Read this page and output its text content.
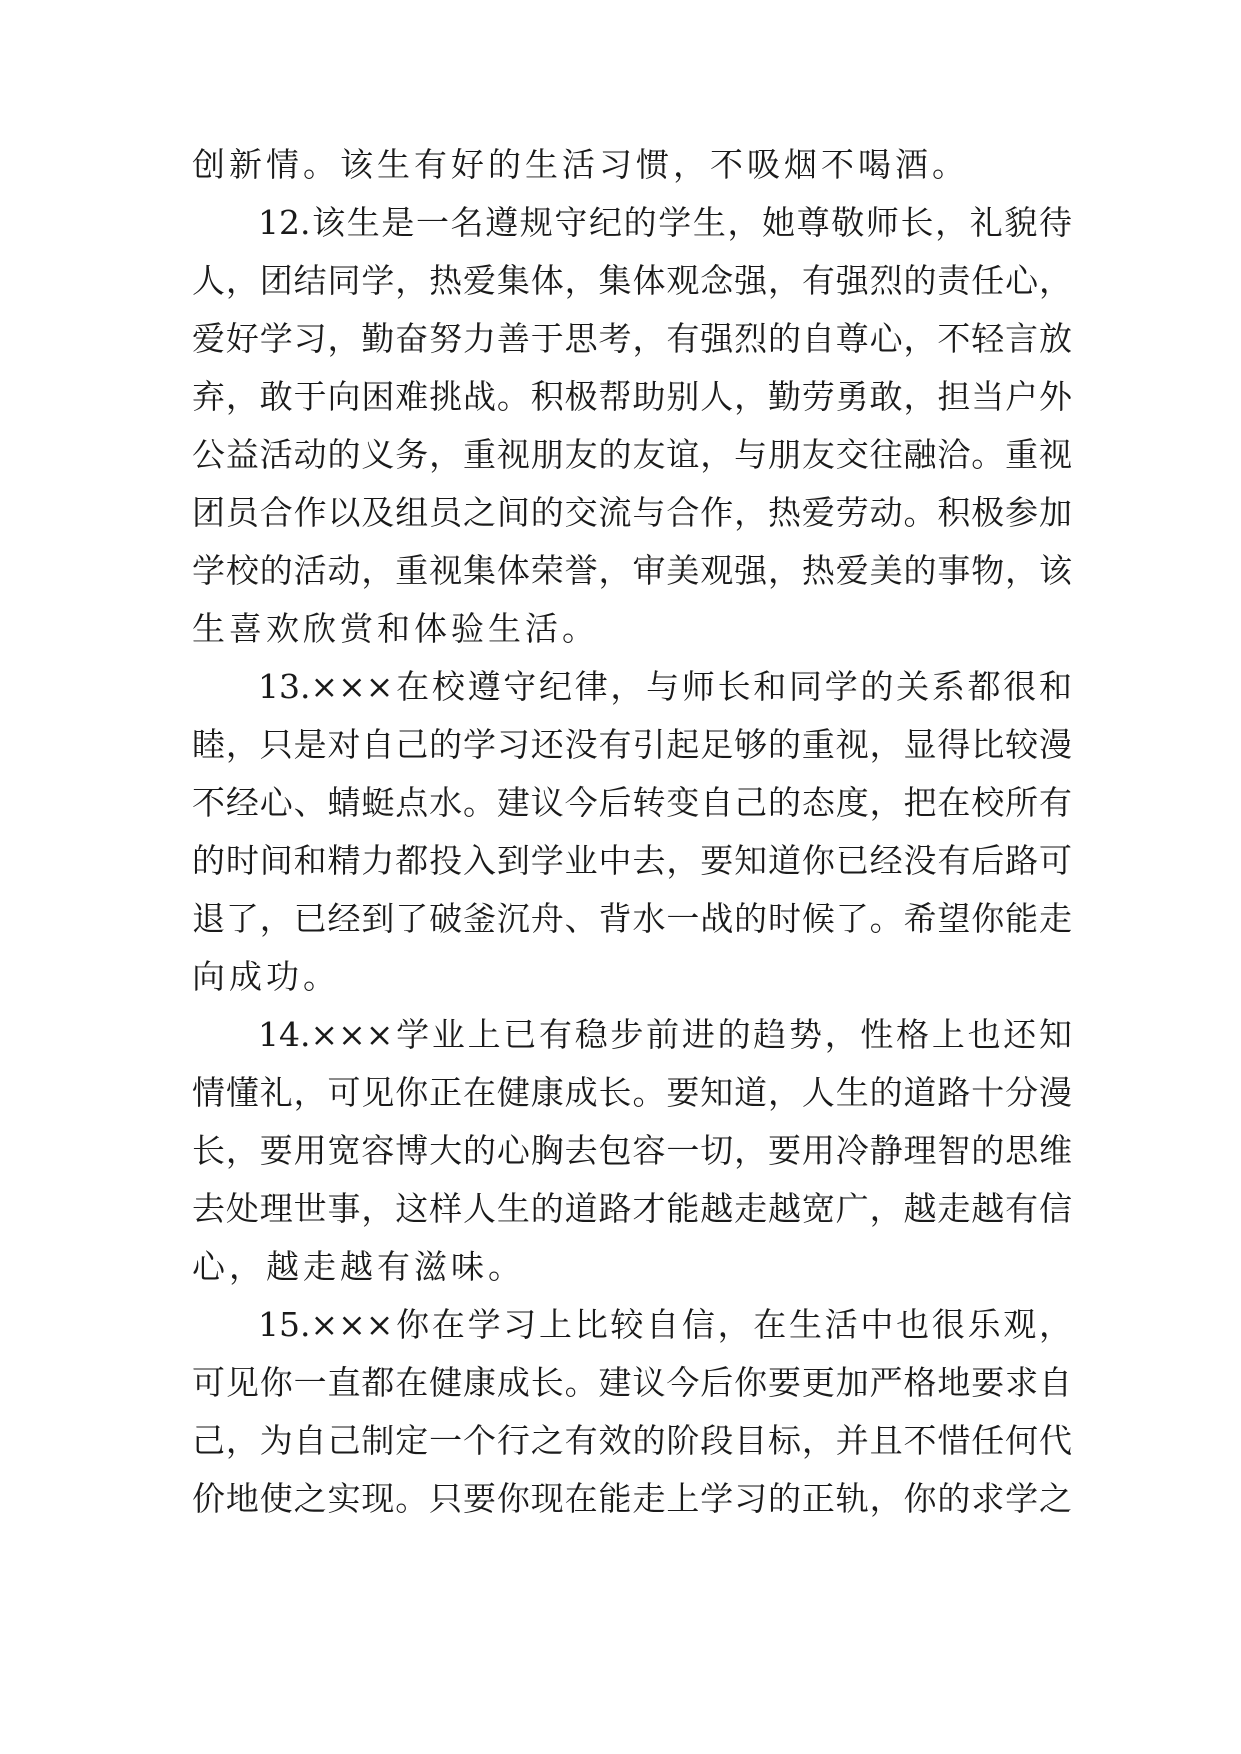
创新情。该生有好的生活习惯，不吸烟不喝酒。
12.该生是一名遵规守纪的学生，她尊敬师长，礼貌待
人，团结同学，热爱集体，集体观念强，有强烈的责任心，
爱好学习，勤奋努力善于思考，有强烈的自尊心，不轻言放
弃，敢于向困难挑战。积极帮助别人，勤劳勇敢，担当户外
公益活动的义务，重视朋友的友谊，与朋友交往融洽。重视
团员合作以及组员之间的交流与合作，热爱劳动。积极参加
学校的活动，重视集体荣誉，审美观强，热爱美的事物，该
生喜欢欣赏和体验生活。
13.×××在校遵守纪律，与师长和同学的关系都很和
睦，只是对自己的学习还没有引起足够的重视，显得比较漫
不经心、蜻蜓点水。建议今后转变自己的态度，把在校所有
的时间和精力都投入到学业中去，要知道你已经没有后路可
退了，已经到了破釜沉舟、背水一战的时候了。希望你能走
向成功。
14.×××学业上已有稳步前进的趋势，性格上也还知
情懂礼，可见你正在健康成长。要知道，人生的道路十分漫
长，要用宽容博大的心胸去包容一切，要用冷静理智的思维
去处理世事，这样人生的道路才能越走越宽广，越走越有信
心，越走越有滋味。
15.×××你在学习上比较自信，在生活中也很乐观，
可见你一直都在健康成长。建议今后你要更加严格地要求自
己，为自己制定一个行之有效的阶段目标，并且不惜任何代
价地使之实现。只要你现在能走上学习的正轨，你的求学之
